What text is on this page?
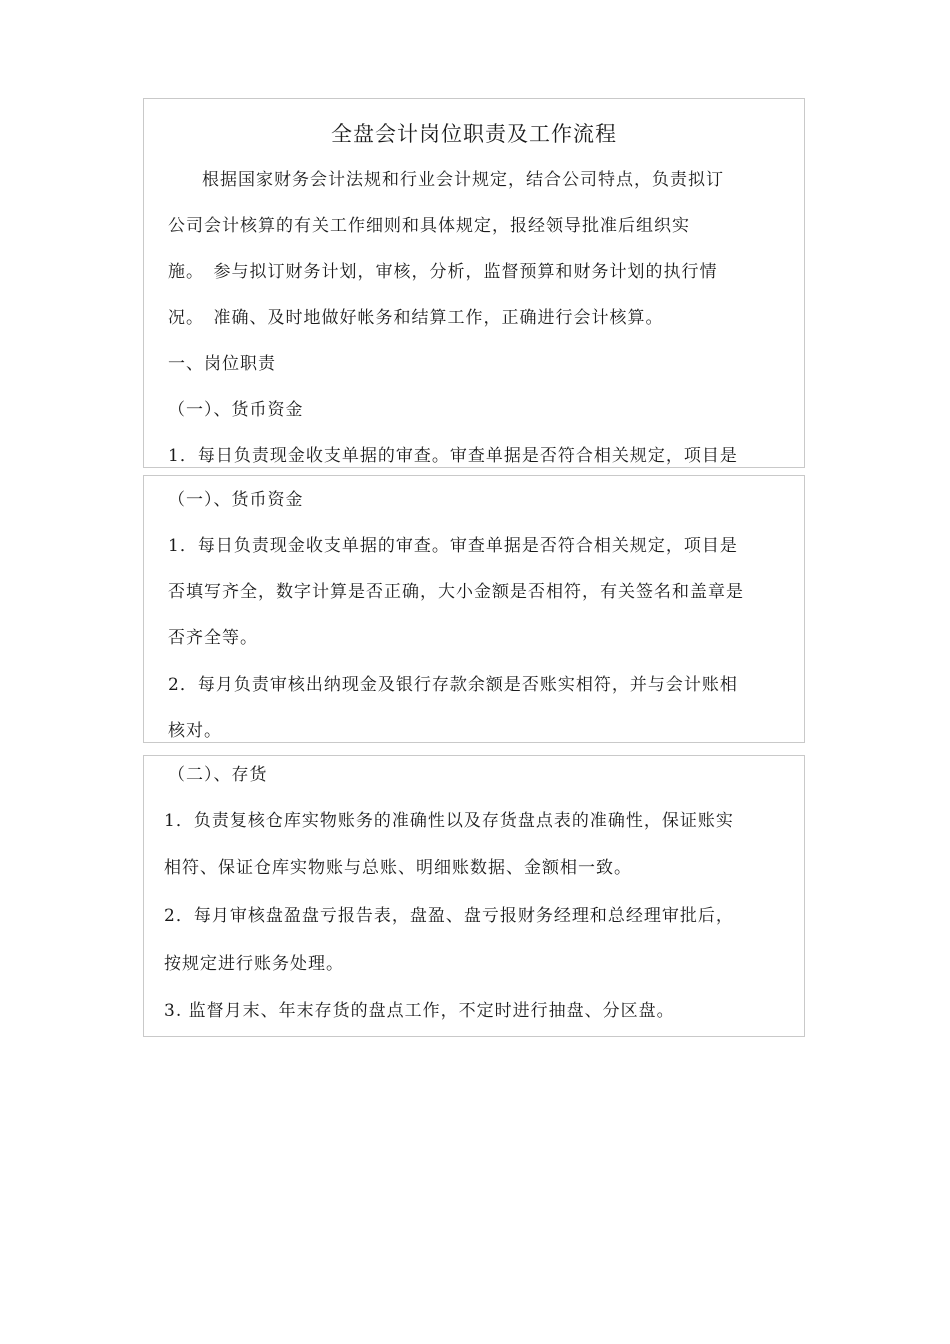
全盘会计岗位职责及工作流程
根据国家财务会计法规和行业会计规定，结合公司特点，负责拟订
公司会计核算的有关工作细则和具体规定，报经领导批准后组织实
施。　参与拟订财务计划，审核，分析，监督预算和财务计划的执行情
况。　准确、及时地做好帐务和结算工作，正确进行会计核算。
一、岗位职责
（一）、货币资金
1．每日负责现金收支单据的审查。审查单据是否符合相关规定，项目是
（一）、货币资金
1．每日负责现金收支单据的审查。审查单据是否符合相关规定，项目是
否填写齐全，数字计算是否正确，大小金额是否相符，有关签名和盖章是
否齐全等。
2．每月负责审核出纳现金及银行存款余额是否账实相符，并与会计账相
核对。
（二）、存货
1．负责复核仓库实物账务的准确性以及存货盘点表的准确性，保证账实
相符、保证仓库实物账与总账、明细账数据、金额相一致。
2．每月审核盘盈盘亏报告表，盘盈、盘亏报财务经理和总经理审批后，
按规定进行账务处理。
3. 监督月末、年末存货的盘点工作，不定时进行抽盘、分区盘。
